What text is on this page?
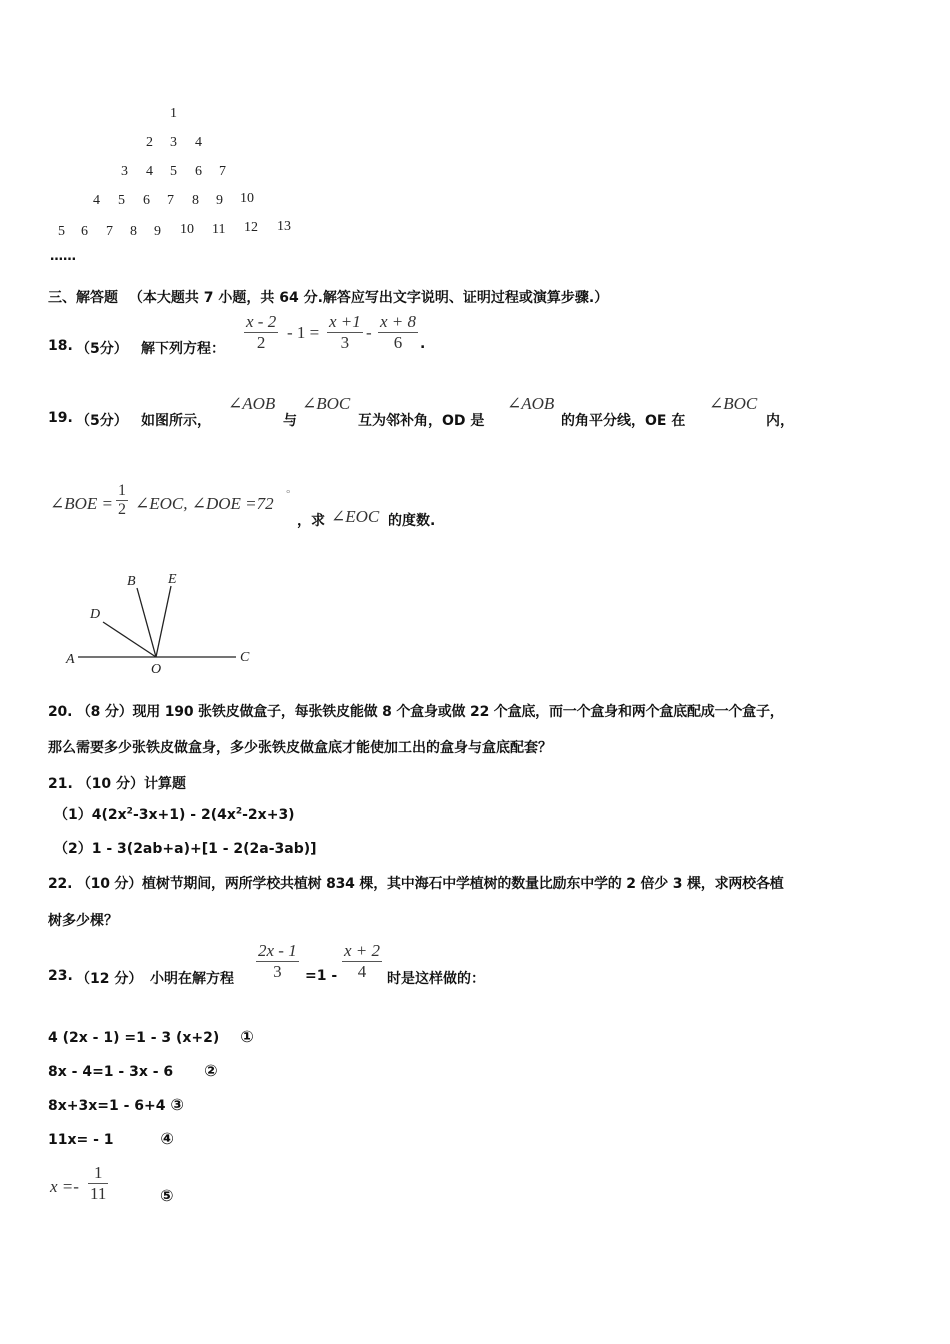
1
2 3 4
3 4 5 6 7
4 5 6 7 8 9 10
5 6 7 8 9 10 11 12 13
……
三、解答题 （本大题共 7 小题，共 64 分.解答应写出文字说明、证明过程或演算步骤.）
18. （5分） 解下列方程： $\frac{x - 2}{2} - 1 = \frac{x +1}{3} - \frac{x + 8}{6}$ .
19. （5分） 如图所示，
∠AOB
与
∠BOC
互为邻补角，OD 是
∠AOB
的角平分线，OE 在
∠BOC
内，
∠BOE = $\frac{1}{2}$ ∠EOC, ∠DOE =72 °
，求 ∠EOC 的度数.
A
O
C
B E
D
20. （8 分）现用 190 张铁皮做盒子，每张铁皮能做 8 个盒身或做 22 个盒底，而一个盒身和两个盒底配成一个盒子，
那么需要多少张铁皮做盒身，多少张铁皮做盒底才能使加工出的盒身与盒底配套？
21. （10 分）计算题
$(1)4(2x^2-3x+1) - 2(4x^2-2x+3)$
（2）1 - 3(2ab+a)+[1 - 2(2a-3ab)]
22. （10 分）植树节期间，两所学校共植树 834 棵，其中海石中学植树的数量比励东中学的 2 倍少 3 棵，求两校各植
树多少棵？
23. （12 分） 小明在解方程 $\frac{2x - 1}{3} =1 - \frac{x + 2}{4}$ 时是这样做的：
4 (2x - 1) =1 - 3 (x+2) ①
8x - 4=1 - 3x - 6 ②
8x+3x=1 - 6+4 ③
11x= - 1	④
$x =- \frac{1}{11}$	⑤
